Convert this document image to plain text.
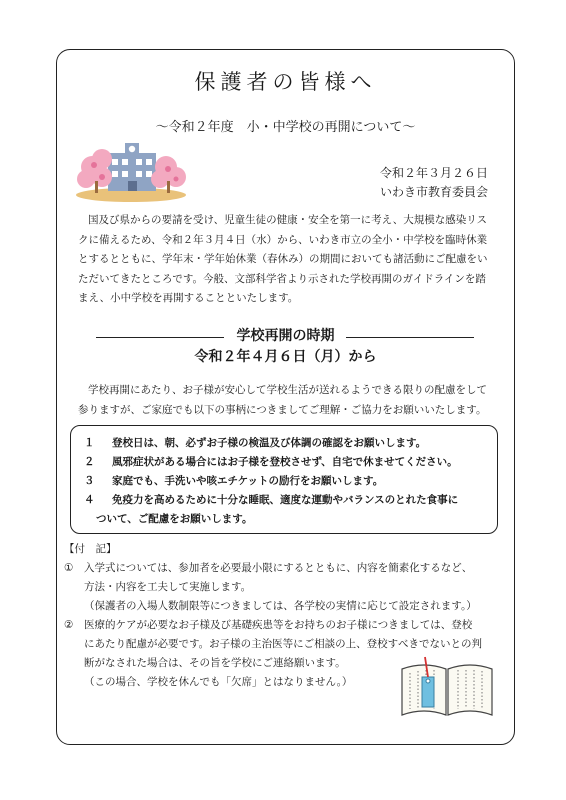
保護者の皆様へ
～令和２年度　小・中学校の再開について～
令和２年３月２６日
いわき市教育委員会
国及び県からの要請を受け、児童生徒の健康・安全を第一に考え、大規模な感染リス
クに備えるため、令和２年３月４日（水）から、いわき市立の全小・中学校を臨時休業
とするとともに、学年末・学年始休業（春休み）の期間においても諸活動にご配慮をい
ただいてきたところです。今般、文部科学省より示された学校再開のガイドラインを踏
まえ、小中学校を再開することといたします。
学校再開の時期
令和２年４月６日（月）から
学校再開にあたり、お子様が安心して学校生活が送れるようできる限りの配慮をして
参りますが、ご家庭でも以下の事柄につきましてご理解・ご協力をお願いいたします。
１ 登校日は、朝、必ずお子様の検温及び体調の確認をお願いします。
２ 風邪症状がある場合にはお子様を登校させず、自宅で休ませてください。
３ 家庭でも、手洗いや咳エチケットの励行をお願いします。
４ 免疫力を高めるために十分な睡眠、適度な運動やバランスのとれた食事に
ついて、ご配慮をお願いします。
【付　記】
① 入学式については、参加者を必要最小限にするとともに、内容を簡素化するなど、
方法・内容を工夫して実施します。
（保護者の入場人数制限等につきましては、各学校の実情に応じて設定されます。）
② 医療的ケアが必要なお子様及び基礎疾患等をお持ちのお子様につきましては、登校
にあたり配慮が必要です。お子様の主治医等にご相談の上、登校すべきでないとの判
断がなされた場合は、その旨を学校にご連絡願います。
（この場合、学校を休んでも「欠席」とはなりません。）
